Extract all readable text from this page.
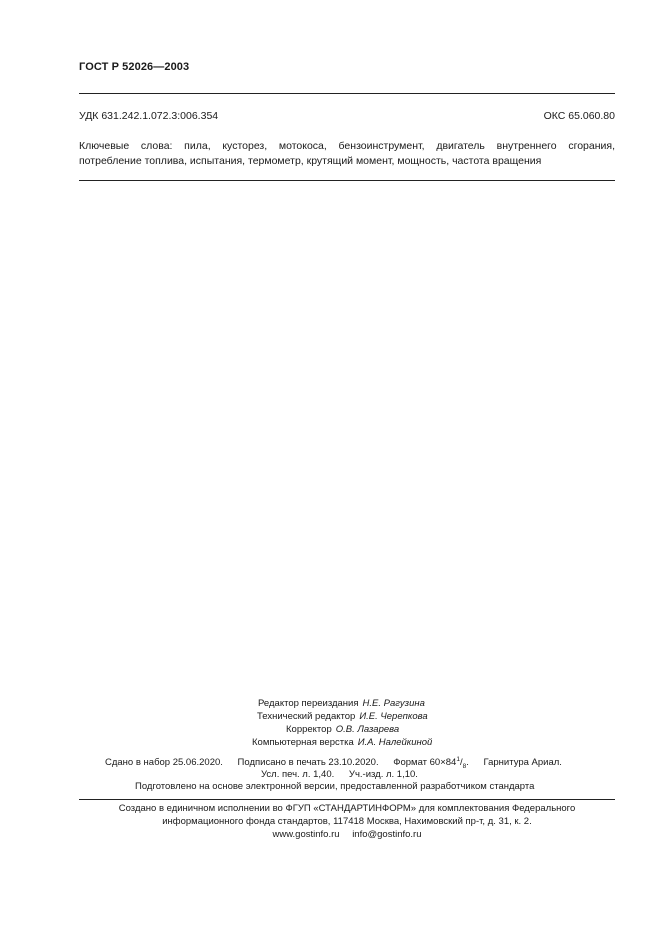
ГОСТ Р 52026—2003
УДК 631.242.1.072.3:006.354	ОКС 65.060.80
Ключевые слова: пила, кусторез, мотокоса, бензоинструмент, двигатель внутреннего сгорания,
потребление топлива, испытания, термометр, крутящий момент, мощность, частота вращения
Редактор переиздания Н.Е. Рагузина
Технический редактор И.Е. Черепкова
Корректор О.В. Лазарева
Компьютерная верстка И.А. Налейкиной
Сдано в набор 25.06.2020. Подписано в печать 23.10.2020. Формат $60\times 84^1/_8$. Гарнитура Ариал.
Усл. печ. л. 1,40. Уч.-изд. л. 1,10.
Подготовлено на основе электронной версии, предоставленной разработчиком стандарта
Создано в единичном исполнении во ФГУП «СТАНДАРТИНФОРМ» для комплектования Федерального
информационного фонда стандартов, 117418 Москва, Нахимовский пр-т, д. 31, к. 2.
www.gostinfo.ru info@gostinfo.ru
